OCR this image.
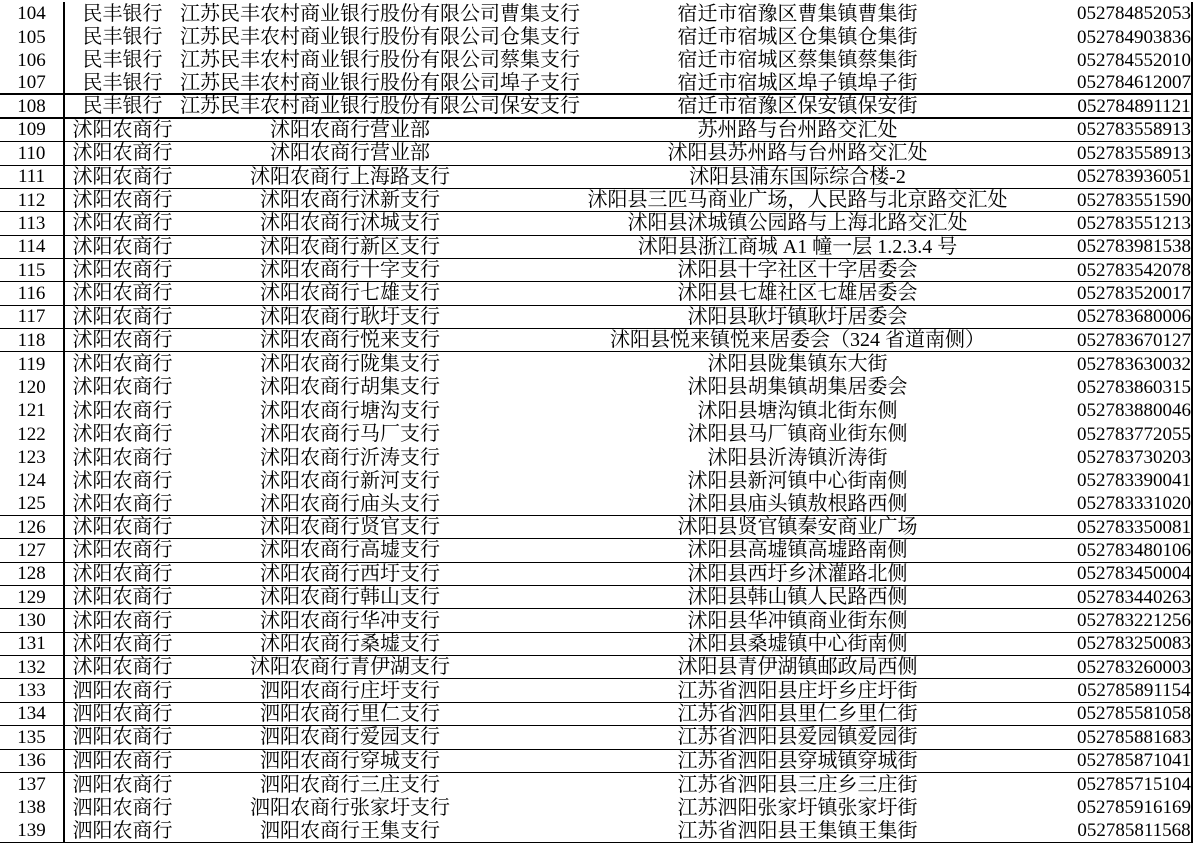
104	民丰银行 江苏民丰农村商业银行股份有限公司曹集支行	宿迁市宿豫区曹集镇曹集街	052784852053
105	民丰银行 江苏民丰农村商业银行股份有限公司仓集支行	宿迁市宿城区仓集镇仓集街	052784903836
106	民丰银行 江苏民丰农村商业银行股份有限公司蔡集支行	宿迁市宿城区蔡集镇蔡集街	052784552010
107	民丰银行 江苏民丰农村商业银行股份有限公司埠子支行	宿迁市宿城区埠子镇埠子街	052784612007
108	民丰银行 江苏民丰农村商业银行股份有限公司保安支行	宿迁市宿豫区保安镇保安街	052784891121
109	沭阳农商行	沭阳农商行营业部	苏州路与台州路交汇处	052783558913
110	沭阳农商行	沭阳农商行营业部	沭阳县苏州路与台州路交汇处	052783558913
111	沭阳农商行	沭阳农商行上海路支行	沭阳县浦东国际综合楼-2	052783936051
112	沭阳农商行	沭阳农商行沭新支行	沭阳县三匹马商业广场，人民路与北京路交汇处	052783551590
113	沭阳农商行	沭阳农商行沭城支行	沭阳县沭城镇公园路与上海北路交汇处	052783551213
114	沭阳农商行	沭阳农商行新区支行	沭阳县浙江商城 A1 幢一层 1.2.3.4 号	052783981538
115	沭阳农商行	沭阳农商行十字支行	沭阳县十字社区十字居委会	052783542078
116	沭阳农商行	沭阳农商行七雄支行	沭阳县七雄社区七雄居委会	052783520017
117	沭阳农商行	沭阳农商行耿圩支行	沭阳县耿圩镇耿圩居委会	052783680006
118	沭阳农商行	沭阳农商行悦来支行	沭阳县悦来镇悦来居委会（324 省道南侧）	052783670127
119	沭阳农商行	沭阳农商行陇集支行	沭阳县陇集镇东大街	052783630032
120	沭阳农商行	沭阳农商行胡集支行	沭阳县胡集镇胡集居委会	052783860315
121	沭阳农商行	沭阳农商行塘沟支行	沭阳县塘沟镇北街东侧	052783880046
122	沭阳农商行	沭阳农商行马厂支行	沭阳县马厂镇商业街东侧	052783772055
123	沭阳农商行	沭阳农商行沂涛支行	沭阳县沂涛镇沂涛街	052783730203
124	沭阳农商行	沭阳农商行新河支行	沭阳县新河镇中心街南侧	052783390041
125	沭阳农商行	沭阳农商行庙头支行	沭阳县庙头镇敖根路西侧	052783331020
126	沭阳农商行	沭阳农商行贤官支行	沭阳县贤官镇秦安商业广场	052783350081
127	沭阳农商行	沭阳农商行高墟支行	沭阳县高墟镇高墟路南侧	052783480106
128	沭阳农商行	沭阳农商行西圩支行	沭阳县西圩乡沭灌路北侧	052783450004
129	沭阳农商行	沭阳农商行韩山支行	沭阳县韩山镇人民路西侧	052783440263
130	沭阳农商行	沭阳农商行华冲支行	沭阳县华冲镇商业街东侧	052783221256
131	沭阳农商行	沭阳农商行桑墟支行	沭阳县桑墟镇中心街南侧	052783250083
132	沭阳农商行	沭阳农商行青伊湖支行	沭阳县青伊湖镇邮政局西侧	052783260003
133	泗阳农商行	泗阳农商行庄圩支行	江苏省泗阳县庄圩乡庄圩街	052785891154
134	泗阳农商行	泗阳农商行里仁支行	江苏省泗阳县里仁乡里仁街	052785581058
135	泗阳农商行	泗阳农商行爱园支行	江苏省泗阳县爱园镇爱园街	052785881683
136	泗阳农商行	泗阳农商行穿城支行	江苏省泗阳县穿城镇穿城街	052785871041
137	泗阳农商行	泗阳农商行三庄支行	江苏省泗阳县三庄乡三庄街	052785715104
138	泗阳农商行	泗阳农商行张家圩支行	江苏泗阳张家圩镇张家圩街	052785916169
139	泗阳农商行	泗阳农商行王集支行	江苏省泗阳县王集镇王集街	052785811568
